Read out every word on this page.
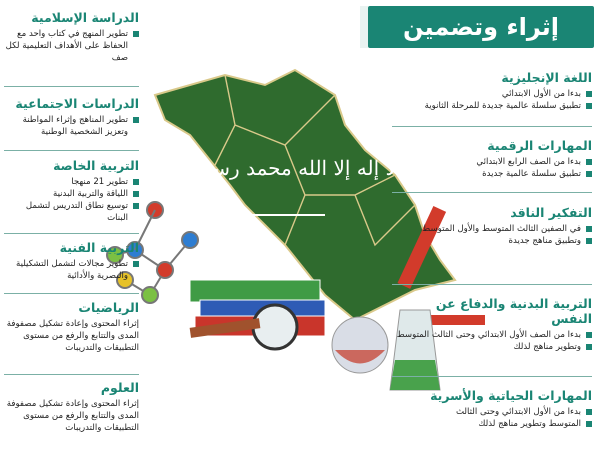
لا إله إلا الله محمد رسول الله
إثراء وتضمين
اللغة الإنجليزية
بدءا من الأول الابتدائي
تطبيق سلسلة عالمية جديدة للمرحلة الثانوية
المهارات الرقمية
بدءا من الصف الرابع الابتدائي
تطبيق سلسلة عالمية جديدة
التفكير الناقد
في الصفين الثالث المتوسط والأول المتوسط
وتطبيق مناهج جديدة
التربية البدنية والدفاع عن النفس
بدءا من الصف الأول الابتدائي وحتى الثالث المتوسط
وتطوير مناهج لذلك
المهارات الحياتية والأسرية
بدءا من الأول الابتدائي وحتى الثالث
المتوسط وتطوير مناهج لذلك
الدراسة الإسلامية
تطوير المنهج في كتاب واحد مع الحفاظ على الأهداف التعليمية لكل صف
الدراسات الاجتماعية
تطوير المناهج وإثراء المواطنة وتعزيز الشخصية الوطنية
التربية الخاصة
تطوير 21 منهجا
اللياقة والتربية البدنية
توسيع نطاق التدريس لتشمل البنات
التربية الفنية
تطوير مجالات لتشمل التشكيلية والبصرية والأدائية
الرياضيات

إثراء المحتوى وإعادة تشكيل مصفوفة المدى والتتابع والرفع من مستوى التطبيقات والتدريبات

العلوم

إثراء المحتوى وإعادة تشكيل مصفوفة المدى والتتابع والرفع من مستوى التطبيقات والتدريبات
